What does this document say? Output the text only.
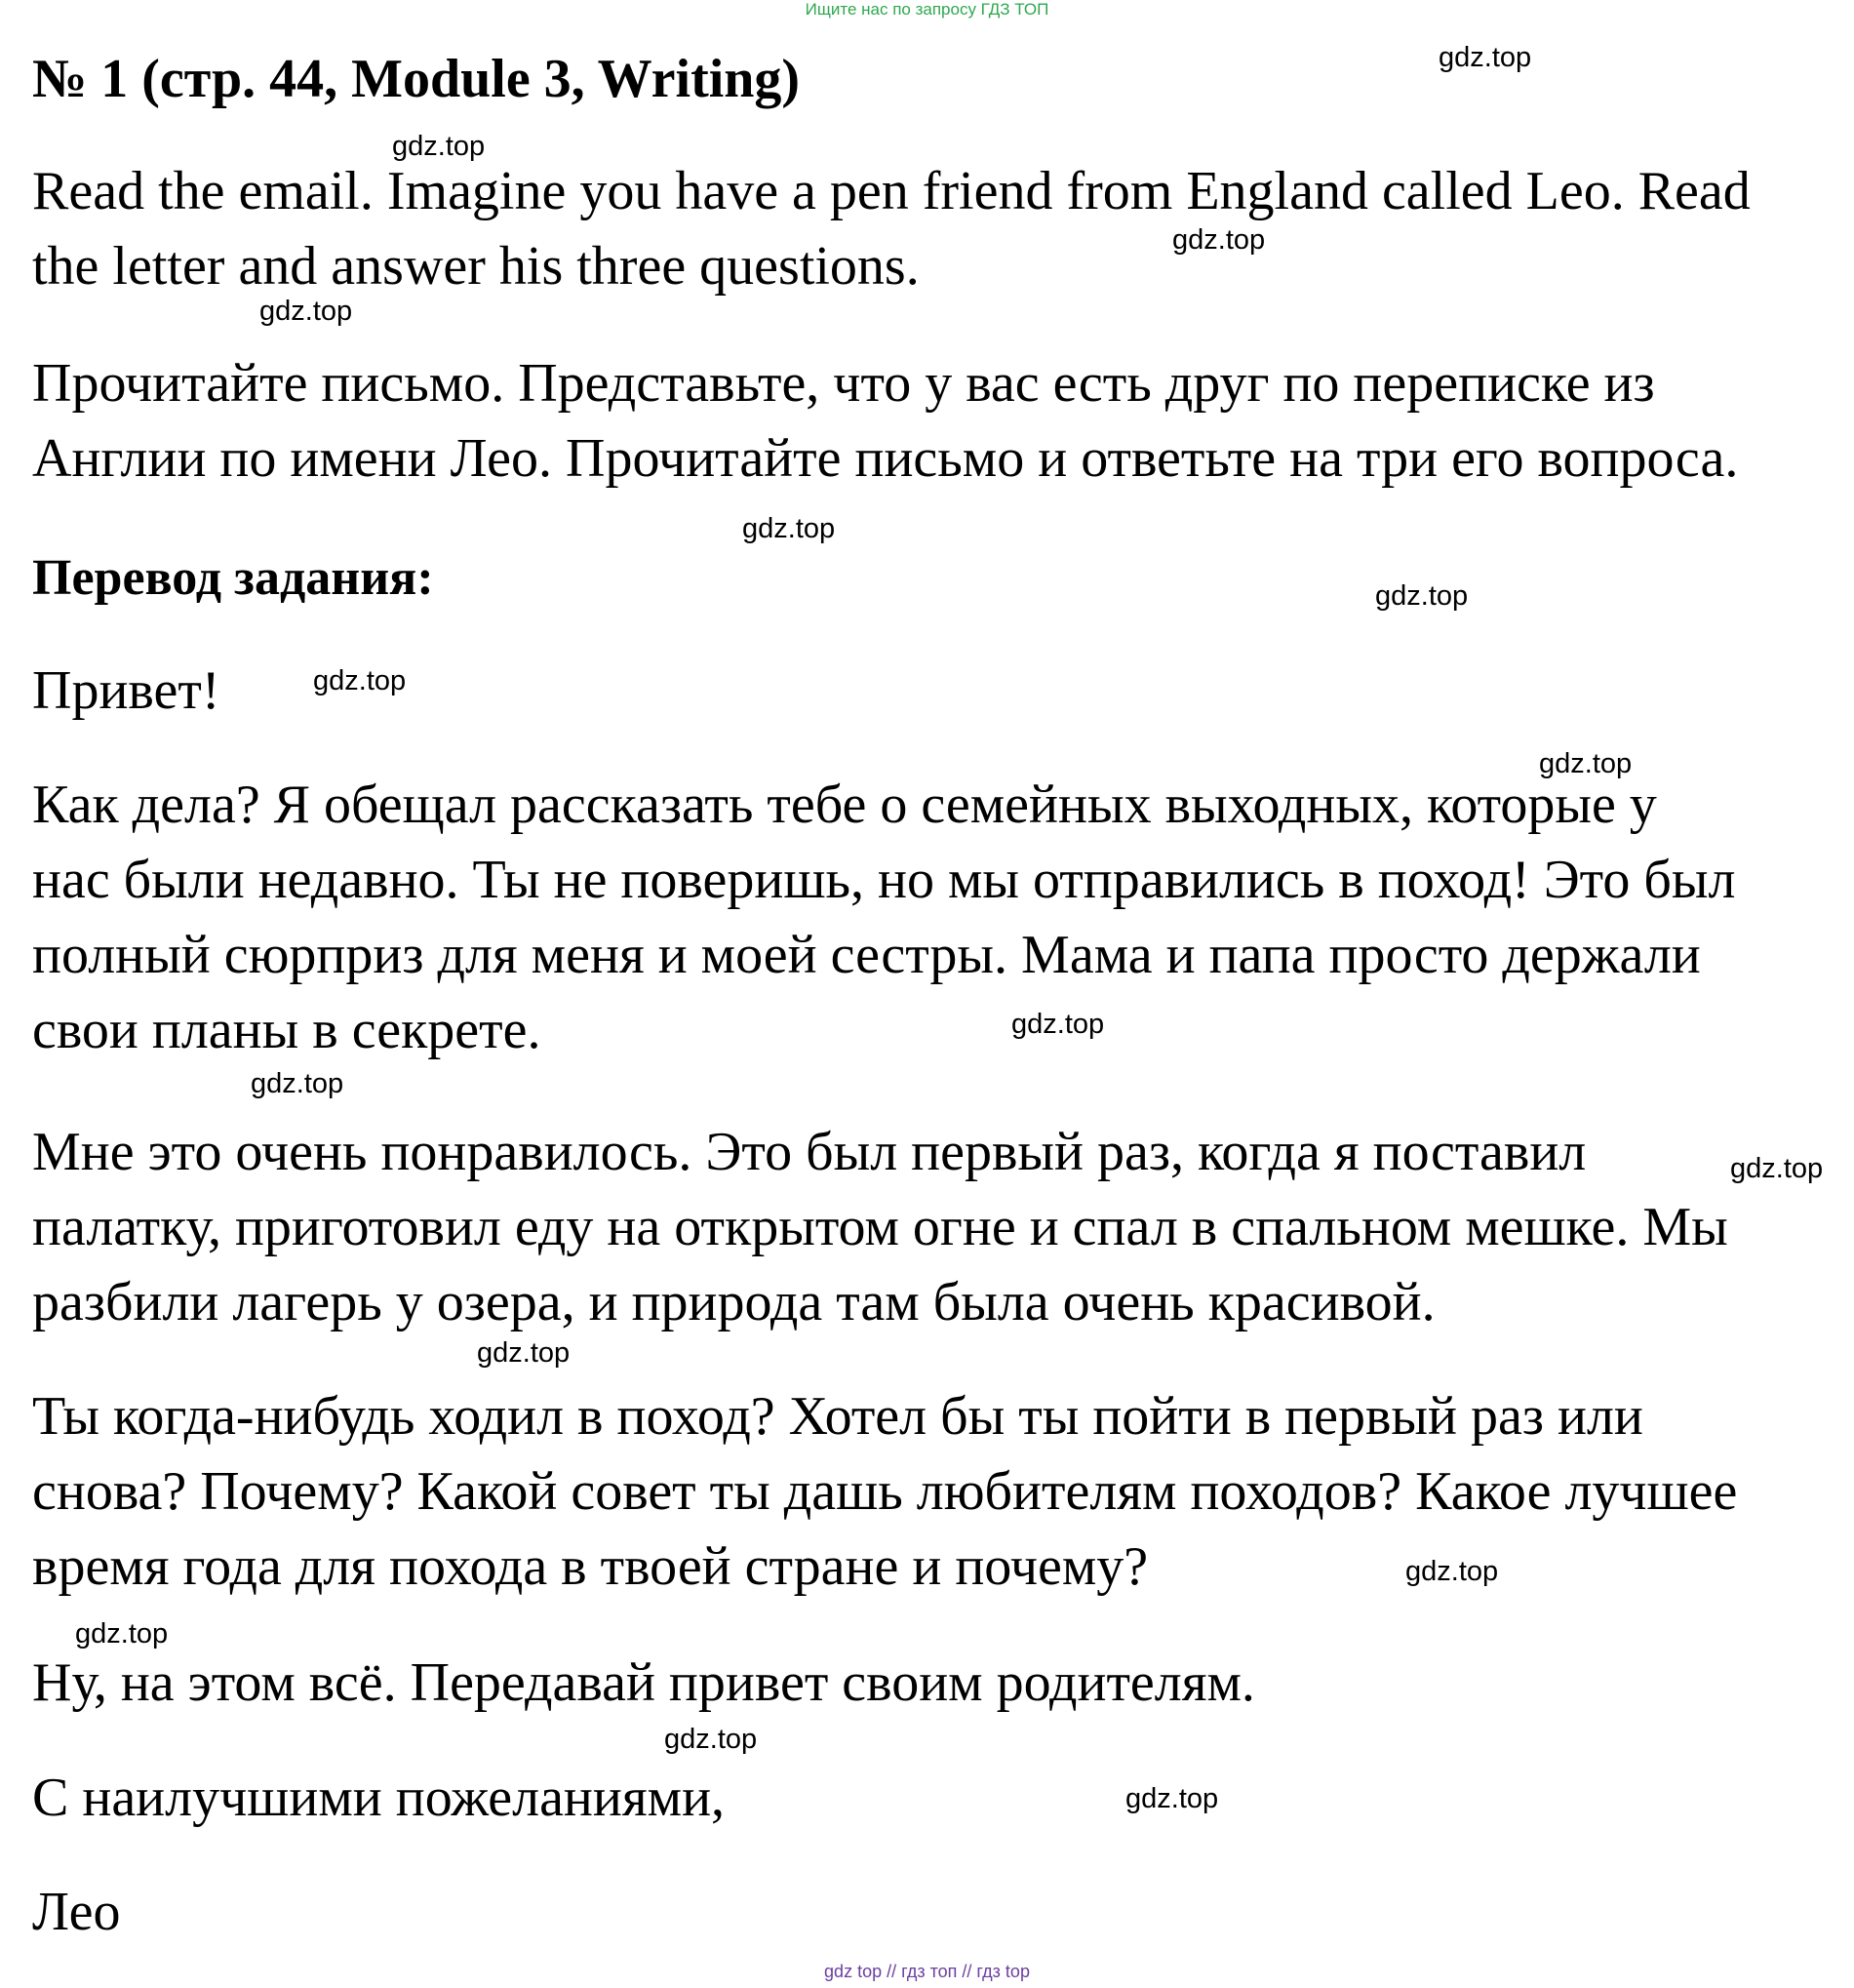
Ищите нас по запросу ГДЗ ТОП
№ 1 (стр. 44, Module 3, Writing)
Read the email. Imagine you have a pen friend from England called Leo. Read
the letter and answer his three questions.
Прочитайте письмо. Представьте, что у вас есть друг по переписке из
Англии по имени Лео. Прочитайте письмо и ответьте на три его вопроса.
Перевод задания:
Привет!
Как дела? Я обещал рассказать тебе о семейных выходных, которые у
нас были недавно. Ты не поверишь, но мы отправились в поход! Это был
полный сюрприз для меня и моей сестры. Мама и папа просто держали
свои планы в секрете.
Мне это очень понравилось. Это был первый раз, когда я поставил
палатку, приготовил еду на открытом огне и спал в спальном мешке. Мы
разбили лагерь у озера, и природа там была очень красивой.
Ты когда-нибудь ходил в поход? Хотел бы ты пойти в первый раз или
снова? Почему? Какой совет ты дашь любителям походов? Какое лучшее
время года для похода в твоей стране и почему?
Ну, на этом всё. Передавай привет своим родителям.
С наилучшими пожеланиями,
Лео
gdz.top
gdz.top
gdz.top
gdz.top
gdz.top
gdz.top
gdz.top
gdz.top
gdz.top
gdz.top
gdz.top
gdz.top
gdz.top
gdz.top
gdz.top
gdz.top
gdz top // гдз топ // гдз top
